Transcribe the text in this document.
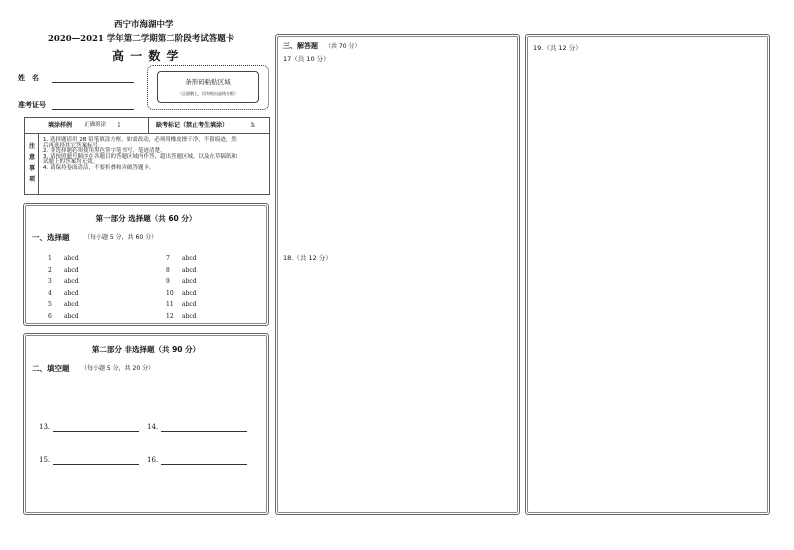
西宁市海湖中学
2020—2021 学年第二学期第二阶段考试答题卡
高 一 数 学
姓　名
准考证号
条形码粘贴区域
（正面朝上，切勿贴出虚线方框）
填涂样例 正确填涂 l	缺考标记（禁止考生填涂）	h
注
意
事
项
1. 选择题请用 2B 铅笔填涂方框，如需改动，必须用橡皮擦干净，不留痕迹，然
后再选择其它答案标号。
2. 非选择题必须使用黑色签字笔书写，笔迹清楚。
3. 请按照题号顺序在各题目的答题区域内作答，超出答题区域，以及在草稿纸和
试题上的答案均无效。
4. 请保持卷面清洁，不要折叠和弄破答题卡。
第一部分 选择题（共 60 分）
一、选择题 （每小题 5 分，共 60 分）
1 abcd
2 abcd
3 abcd
4 abcd
5 abcd
6 abcd
7 abcd
8 abcd
9 abcd
10 abcd
11 abcd
12 abcd
第二部分 非选择题（共 90 分）
二、填空题 （每小题 5 分，共 20 分）
13.	14.
15.	16.
三、解答题 （共 70 分）
17（共 10 分）
18.（共 12 分）
19.（共 12 分）
